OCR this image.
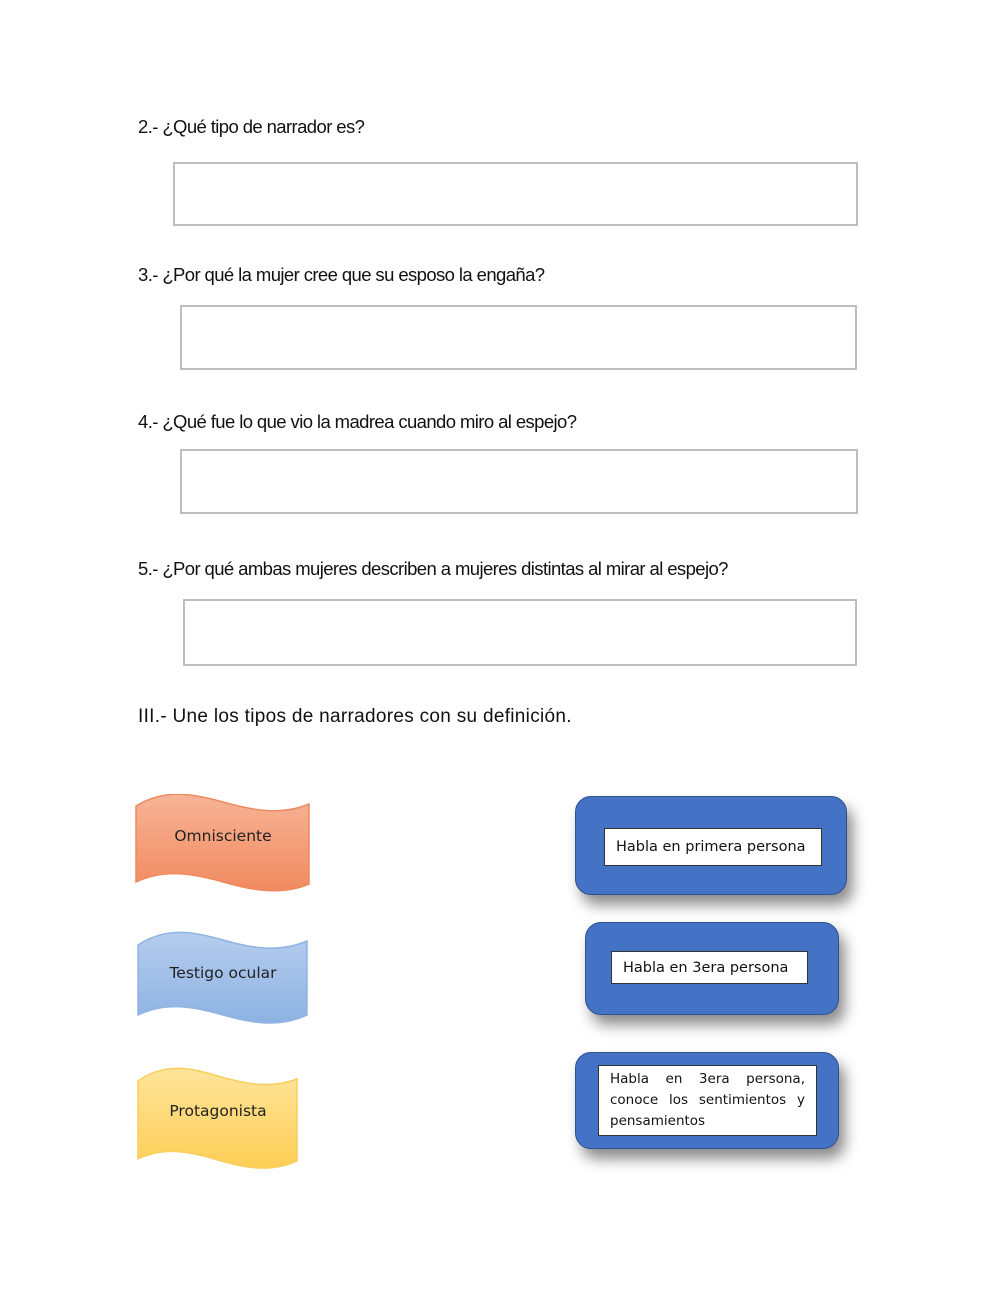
2.- ¿Qué tipo de narrador es?
3.- ¿Por qué la mujer cree que su esposo la engaña?
4.- ¿Qué fue lo que vio la madrea cuando miro al espejo?
5.- ¿Por qué ambas mujeres describen a mujeres distintas al mirar al espejo?
III.- Une los tipos de narradores con su definición.
Omnisciente
Testigo ocular
Protagonista
Habla en primera persona
Habla en 3era persona
Habla en 3era persona, conoce los sentimientos y pensamientos
